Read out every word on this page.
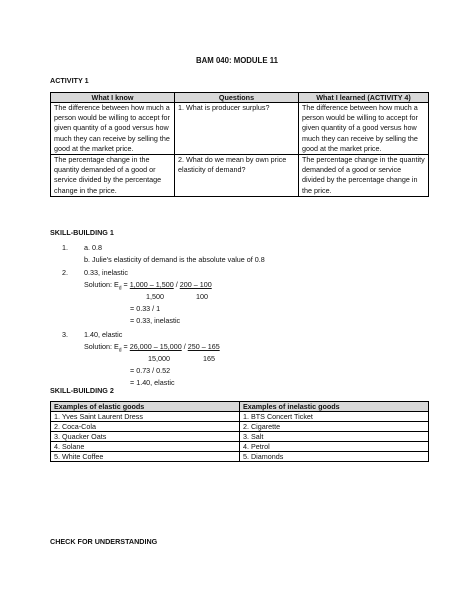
BAM 040: MODULE 11
ACTIVITY 1
What I know	Questions	What I learned (ACTIVITY 4)
The difference between how much a person would be willing to accept for given quantity of a good versus how much they can receive by selling the good at the market price.	1. What is producer surplus?	The difference between how much a person would be willing to accept for given quantity of a good versus how much they can receive by selling the good at the market price.
The percentage change in the quantity demanded of a good or service divided by the percentage change in the price.	2. What do we mean by own price elasticity of demand?	The percentage change in the quantity demanded of a good or service divided by the percentage change in the price.
SKILL-BUILDING 1
1. a. 0.8
b. Julie's elasticity of demand is the absolute value of 0.8
2. 0.33, inelastic
Solution: $E_d = 1,000 - 1,500 / 200 - 100$
1,500	100
= 0.33 / 1
= 0.33, inelastic
3. 1.40, elastic
Solution: $E_d = 26,000 - 15,000 / 250 - 165$
15,000	165
= 0.73 / 0.52
= 1.40, elastic
SKILL-BUILDING 2
Examples of elastic goods	Examples of inelastic goods
1. Yves Saint Laurent Dress	1. BTS Concert Ticket
2. Coca-Cola	2. Cigarette
3. Quacker Oats	3. Salt
4. Solane	4. Petrol
5. White Coffee	5. Diamonds
CHECK FOR UNDERSTANDING
